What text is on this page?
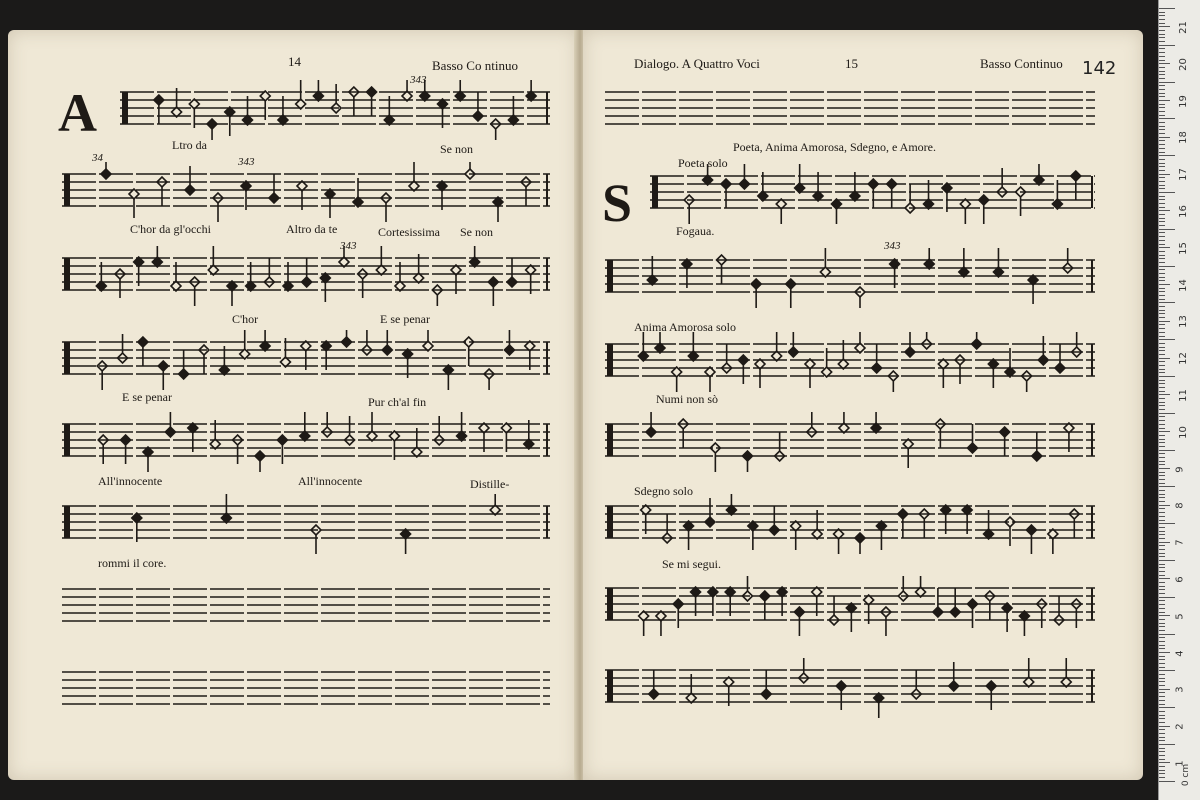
14	Basso Co ntinuo
A
343
34	343
343
Ltro da	Se non
C'hor da gl'occhi	Altro da te	Cortesissima Se non
C'hor	E se penar
E se penar	Pur ch'al fin
All'innocente	All'innocente	Distille-
rommi il core.
Dialogo. A Quattro Voci	15	Basso Continuo 142
Poeta, Anima Amorosa, Sdegno, e Amore.
S
343
Poeta solo
Fogaua.
Anima Amorosa solo
Numi non sò
Sdegno solo
Se mi segui.
0 cm
21
20
19
18
17
16
15
14
13
12
11
10
9
8
7
6
5
4
3
2
1
